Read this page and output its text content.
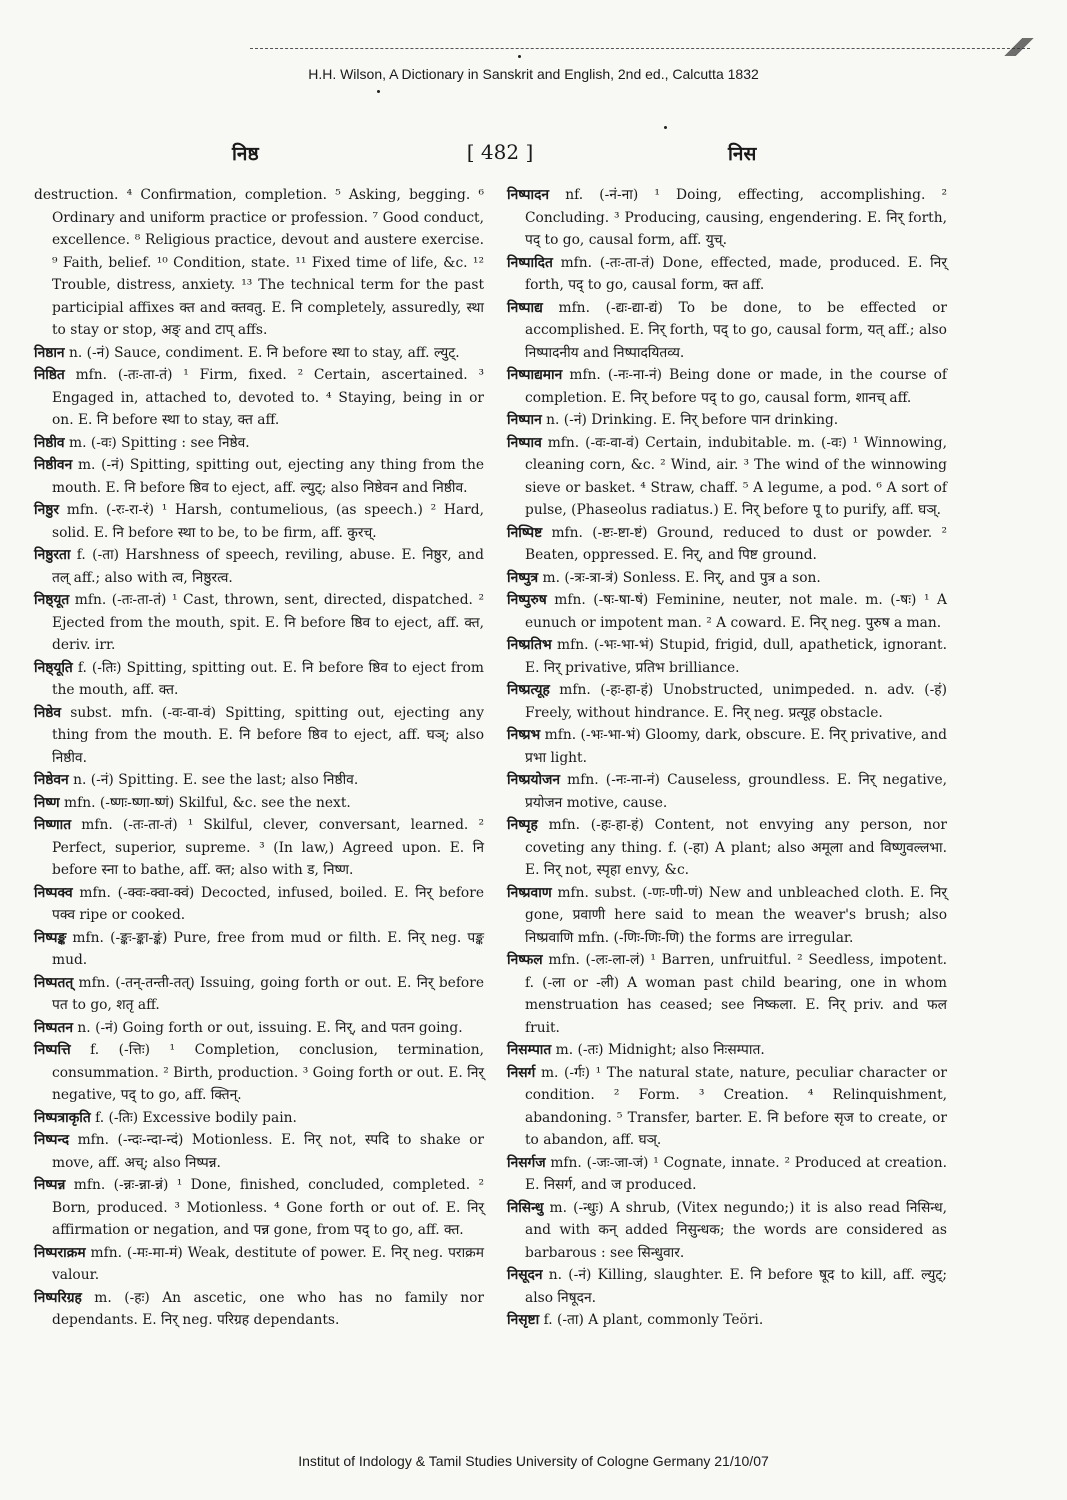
H.H. Wilson, A Dictionary in Sanskrit and English, 2nd ed., Calcutta 1832
निष्ठ	[ 482 ]	निस

destruction. ⁴ Confirmation, completion. ⁵ Asking, begging. ⁶ Ordinary and uniform practice or profession. ⁷ Good conduct, excellence. ⁸ Religious practice, devout and austere exercise. ⁹ Faith, belief. ¹⁰ Condition, state. ¹¹ Fixed time of life, &c. ¹² Trouble, distress, anxiety. ¹³ The technical term for the past participial affixes क्त and क्तवतु. E. नि completely, assuredly, स्था to stay or stop, अङ् and टाप् affs.

निष्ठान n. (-नं) Sauce, condiment. E. नि before स्था to stay, aff. ल्युट्.

निष्ठित mfn. (-तः-ता-तं) ¹ Firm, fixed. ² Certain, ascertained. ³ Engaged in, attached to, devoted to. ⁴ Staying, being in or on. E. नि before स्था to stay, क्त aff.

निष्ठीव m. (-वः) Spitting : see निष्ठेव.

निष्ठीवन m. (-नं) Spitting, spitting out, ejecting any thing from the mouth. E. नि before ष्ठिव to eject, aff. ल्युट्; also निष्ठेवन and निष्ठीव.

निष्ठुर mfn. (-रः-रा-रं) ¹ Harsh, contumelious, (as speech.) ² Hard, solid. E. नि before स्था to be, to be firm, aff. कुरच्.

निष्ठुरता f. (-ता) Harshness of speech, reviling, abuse. E. निष्ठुर, and तल् aff.; also with त्व, निष्ठुरत्व.

निष्ठ्यूत mfn. (-तः-ता-तं) ¹ Cast, thrown, sent, directed, dispatched. ² Ejected from the mouth, spit. E. नि before ष्ठिव to eject, aff. क्त, deriv. irr.

निष्ठ्यूति f. (-तिः) Spitting, spitting out. E. नि before ष्ठिव to eject from the mouth, aff. क्त.

निष्ठेव subst. mfn. (-वः-वा-वं) Spitting, spitting out, ejecting any thing from the mouth. E. नि before ष्ठिव to eject, aff. घञ्; also निष्ठीव.

निष्ठेवन n. (-नं) Spitting. E. see the last; also निष्ठीव.

निष्ण mfn. (-ष्णः-ष्णा-ष्णं) Skilful, &c. see the next.

निष्णात mfn. (-तः-ता-तं) ¹ Skilful, clever, conversant, learned. ² Perfect, superior, supreme. ³ (In law,) Agreed upon. E. नि before स्ना to bathe, aff. क्त; also with ड, निष्ण.

निष्पक्व mfn. (-क्वः-क्वा-क्वं) Decocted, infused, boiled. E. निर् before पक्व ripe or cooked.

निष्पङ्क mfn. (-ङ्कः-ङ्का-ङ्कं) Pure, free from mud or filth. E. निर् neg. पङ्क mud.

निष्पतत् mfn. (-तन्-तन्ती-तत्) Issuing, going forth or out. E. निर् before पत to go, शतृ aff.

निष्पतन n. (-नं) Going forth or out, issuing. E. निर्, and पतन going.

निष्पत्ति f. (-त्तिः) ¹ Completion, conclusion, termination, consummation. ² Birth, production. ³ Going forth or out. E. निर् negative, पद् to go, aff. क्तिन्.

निष्पत्राकृति f. (-तिः) Excessive bodily pain.

निष्पन्द mfn. (-न्दः-न्दा-न्दं) Motionless. E. निर् not, स्पदि to shake or move, aff. अच्; also निष्पन्न.

निष्पन्न mfn. (-न्नः-न्ना-न्नं) ¹ Done, finished, concluded, completed. ² Born, produced. ³ Motionless. ⁴ Gone forth or out of. E. निर् affirmation or negation, and पन्न gone, from पद् to go, aff. क्त.

निष्पराक्रम mfn. (-मः-मा-मं) Weak, destitute of power. E. निर् neg. पराक्रम valour.

निष्परिग्रह m. (-हः) An ascetic, one who has no family nor dependants. E. निर् neg. परिग्रह dependants.

निष्पादन nf. (-नं-ना) ¹ Doing, effecting, accomplishing. ² Concluding. ³ Producing, causing, engendering. E. निर् forth, पद् to go, causal form, aff. युच्.

निष्पादित mfn. (-तः-ता-तं) Done, effected, made, produced. E. निर् forth, पद् to go, causal form, क्त aff.

निष्पाद्य mfn. (-द्यः-द्या-द्यं) To be done, to be effected or accomplished. E. निर् forth, पद् to go, causal form, यत् aff.; also निष्पादनीय and निष्पादयितव्य.

निष्पाद्यमान mfn. (-नः-ना-नं) Being done or made, in the course of completion. E. निर् before पद् to go, causal form, शानच् aff.

निष्पान n. (-नं) Drinking. E. निर् before पान drinking.

निष्पाव mfn. (-वः-वा-वं) Certain, indubitable. m. (-वः) ¹ Winnowing, cleaning corn, &c. ² Wind, air. ³ The wind of the winnowing sieve or basket. ⁴ Straw, chaff. ⁵ A legume, a pod. ⁶ A sort of pulse, (Phaseolus radiatus.) E. निर् before पू to purify, aff. घञ्.

निष्पिष्ट mfn. (-ष्टः-ष्टा-ष्टं) Ground, reduced to dust or powder. ² Beaten, oppressed. E. निर्, and पिष्ट ground.

निष्पुत्र m. (-त्रः-त्रा-त्रं) Sonless. E. निर्, and पुत्र a son.

निष्पुरुष mfn. (-षः-षा-षं) Feminine, neuter, not male. m. (-षः) ¹ A eunuch or impotent man. ² A coward. E. निर् neg. पुरुष a man.

निष्प्रतिभ mfn. (-भः-भा-भं) Stupid, frigid, dull, apathetick, ignorant. E. निर् privative, प्रतिभ brilliance.

निष्प्रत्यूह mfn. (-हः-हा-हं) Unobstructed, unimpeded. n. adv. (-हं) Freely, without hindrance. E. निर् neg. प्रत्यूह obstacle.

निष्प्रभ mfn. (-भः-भा-भं) Gloomy, dark, obscure. E. निर् privative, and प्रभा light.

निष्प्रयोजन mfn. (-नः-ना-नं) Causeless, groundless. E. निर् negative, प्रयोजन motive, cause.

निष्पृह mfn. (-हः-हा-हं) Content, not envying any person, nor coveting any thing. f. (-हा) A plant; also अमूला and विष्णुवल्लभा. E. निर् not, स्पृहा envy, &c.

निष्प्रवाण mfn. subst. (-णः-णी-णं) New and unbleached cloth. E. निर् gone, प्रवाणी here said to mean the weaver's brush; also निष्प्रवाणि mfn. (-णिः-णिः-णि) the forms are irregular.

निष्फल mfn. (-लः-ला-लं) ¹ Barren, unfruitful. ² Seedless, impotent. f. (-ला or -ली) A woman past child bearing, one in whom menstruation has ceased; see निष्कला. E. निर् priv. and फल fruit.

निसम्पात m. (-तः) Midnight; also निःसम्पात.

निसर्ग m. (-र्गः) ¹ The natural state, nature, peculiar character or condition. ² Form. ³ Creation. ⁴ Relinquishment, abandoning. ⁵ Transfer, barter. E. नि before सृज to create, or to abandon, aff. घञ्.

निसर्गज mfn. (-जः-जा-जं) ¹ Cognate, innate. ² Produced at creation. E. निसर्ग, and ज produced.

निसिन्धु m. (-न्धुः) A shrub, (Vitex negundo;) it is also read निसिन्ध, and with कन् added निसुन्धक; the words are considered as barbarous : see सिन्धुवार.

निसूदन n. (-नं) Killing, slaughter. E. नि before षूद to kill, aff. ल्युट्; also निषूदन.

निसृष्टा f. (-ता) A plant, commonly Teöri.

Institut of Indology & Tamil Studies University of Cologne Germany 21/10/07
